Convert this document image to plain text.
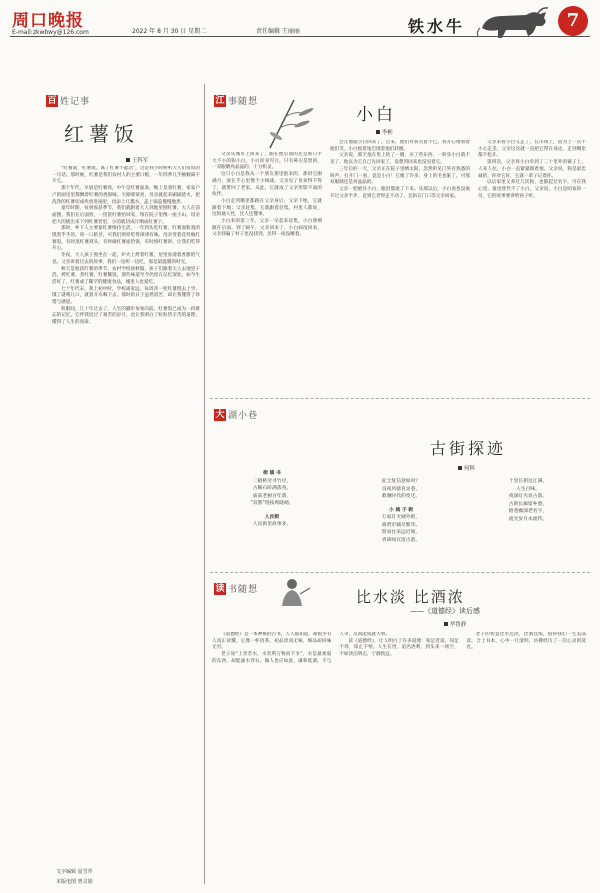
周口晚报
E-mail:zkwbwy@126.com	2022 年 8 月 30 日 星期二	责任编辑 王丽丽	铁水牛	7
百 姓记事
红薯饭
王科军

“红薯面，红薯馍，离了红薯不能活”，这是我小时候听大人们常说的一句话。那时候，红薯是我们农村人的主要口粮，一年四季几乎顿顿离不开它。

那个年代，早晨是红薯汤，中午是红薯面条，晚上是蒸红薯，家家户户的厨房里都飘着红薯的香甜味。天刚蒙蒙亮，母亲就起来刷锅烧火，把洗净的红薯切成块放进锅里，再添上几瓢水，盖上锅盖慢慢地煮。

童年时期，每到收获季节，我们就跟着大人到地里刨红薯。大人在前面刨，我们在后面捡，一筐筐红薯抬回家，堆在院子里像一座小山。母亲把大的挑出来下到红薯窖里，小的就切成片晒成红薯干。

那时，乡下人主要靠红薯维持生活，一年到头吃红薯，红薯面粉蒸的馍黑乎乎的，咬一口粘牙，可我们照样吃得津津有味。母亲变着花样做红薯饭，有时蒸红薯窝头，有时做红薯面饸饹，有时烙红薯饼，让我们吃得开心。

冬夜，大人孩子围坐在一起，炉火上烤着红薯，屋里弥漫着香甜的气息。父亲讲着过去的故事，我们一边听一边吃，那是最温暖的时光。

秋天是收获红薯的季节。农村学校放秋假，孩子们跟着大人去地里干活。烤红薯、煮红薯、红薯稀饭，那些味道至今仍留在记忆深处。如今生活好了，红薯成了稀罕的健康食品，城里人也爱吃。

七十年代末，我上初中时，学校离家远，每周背一兜红薯馍去上学。饿了就啃几口，就着开水咽下去。那时的日子虽然清苦，却让我懂得了珍惜与感恩。

转眼间，几十年过去了，人生的脚步匆匆向前。红薯饭已成为一段难忘的记忆，它伴我度过了艰苦的岁月，也让我明白了粒粒皆辛苦的道理，懂得了人生的真谛。

文字编辑 夏雪芹
本版电图 曾灵娟
江 事随想

父亲从城市上回来了，跟在他后面的还是那只半大不小的狗小白。小白浑身雪白，只有鼻尖是黑的，一双眼睛亮晶晶的，十分机灵。

这只小白是我从一个朋友那里抱来的，那时它刚满月，放在手心里像个小绒球。父亲见了喜欢得不得了，就带回了老家。从此，它就成了父亲形影不离的伙伴。

小白走到哪里都跟在父亲身后，父亲下地，它就跟着下地；父亲赶集，它就跟着赶集。村里人都说，这狗通人性，比人还懂事。

小白来的第三年，父亲一早起来赶集，小白照例跟在后面。到了晌午，父亲回来了，小白却没回来，父亲找遍了村子也没找到，急得一夜没睡着。

小白
李彬

会儿他就小白回来了。过来，他们对我笑着不已。我开心地看着他们笑，小白摇着尾巴围着他们转圈。

父亲说，那天他在集上转了一圈，买了些东西，一转身小白就不见了，他以为它自己先回家了，没想到回来也没见着它。

三年后的一天，父亲正在院子里晒太阳，忽然听见门外有熟悉的叫声，打开门一看，竟是小白！它瘦了许多，身上的毛也脏了，可那双眼睛还是亮晶晶的。

父亲一把抱住小白，眼泪都流了下来。从那以后，小白再也没离开过父亲半步，直到它老得走不动了，还趴在门口等父亲回家。

父亲来看小白又走了。在市场上，因为上一次不小心走丢，父亲这次就一直把它带在身边，走到哪里都不松开。

第四次，父亲将小白牵到了二十里外的镇子上，人来人往，小白一直紧紧跟着他。父亲说，狗是最忠诚的，你对它好，它就一辈子记着你。

以后家里又养过几次狗，也都起过名字，可在我心里，谁也替代不了小白。父亲说，小白是咱家的一员，它的故事要讲给孙子听。

大 湖小巷
街 镇 书
二板桥旁寻竹径，
古稀石阶满落英。
庙前老树百年荫，
“双鹊”绕枝鸣晓晴。
人民街
人民街里故事多，
古街探迹
何辉
征尘复信意如何？
良夜风骚育灵巷，
歌谢时代的变迁。
小 城 子 街
万家灯火城外街，
商贾市铺尽繁华。
贸易往来远近闻，
青砖绿瓦留古韵。
十里长街这江满，
人生百味，
夜深灯火显古韵。
古街长廊留乡愁，
陌巷幽深老名字，
流光岁月永流传。
读 书随想	比水淡 比酒浓
——《道德经》读后感
毕鲁静

《道德经》是一本神秘的古书，人人都知道，却很少有人真正读懂。它像一杯清茶，初品淡而无味，细品却回味无穷。

老子说“上善若水，水善利万物而不争”，水是最柔弱的东西，却能滴水穿石。做人也应如此，谦和低调，不与人争，反而能成就大事。

读《道德经》，让人明白了许多道理：知足者富，知足不辱，知止不殆。人生在世，追名逐利，到头来一场空，不如淡泊明志，宁静致远。

老子的智慧比水还淡，比酒还浓，值得我们一生去品读。合上书本，心中一片澄明，仿佛经历了一次心灵的洗礼。
